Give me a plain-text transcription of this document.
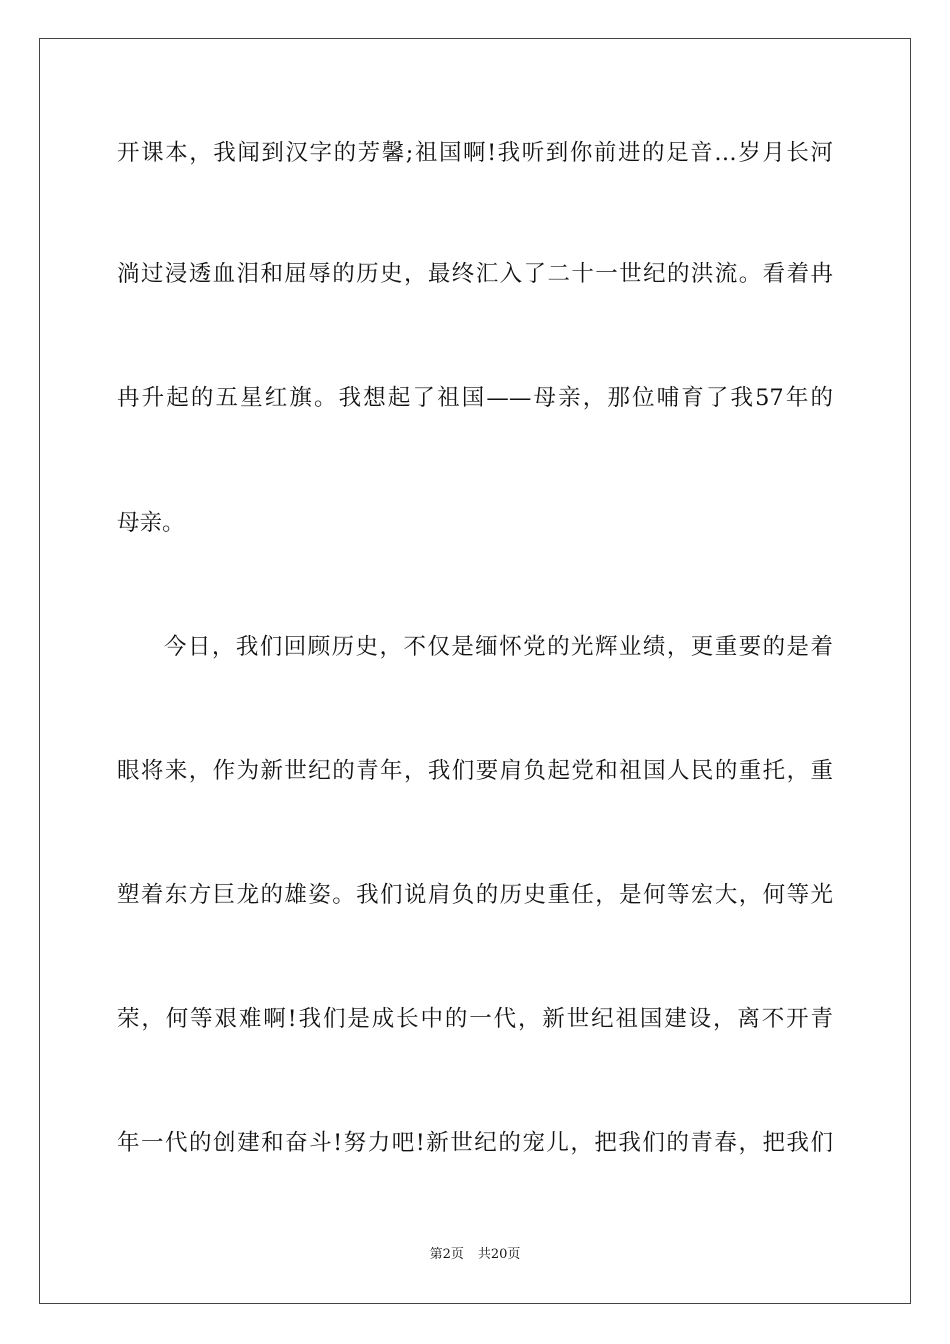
开课本，我闻到汉字的芳馨;祖国啊!我听到你前进的足音…岁月长河
淌过浸透血泪和屈辱的历史，最终汇入了二十一世纪的洪流。看着冉
冉升起的五星红旗。我想起了祖国——母亲，那位哺育了我57年的
母亲。
今日，我们回顾历史，不仅是缅怀党的光辉业绩，更重要的是着
眼将来，作为新世纪的青年，我们要肩负起党和祖国人民的重托，重
塑着东方巨龙的雄姿。我们说肩负的历史重任，是何等宏大，何等光
荣，何等艰难啊!我们是成长中的一代，新世纪祖国建设，离不开青
年一代的创建和奋斗!努力吧!新世纪的宠儿，把我们的青春，把我们
第2页 共20页
